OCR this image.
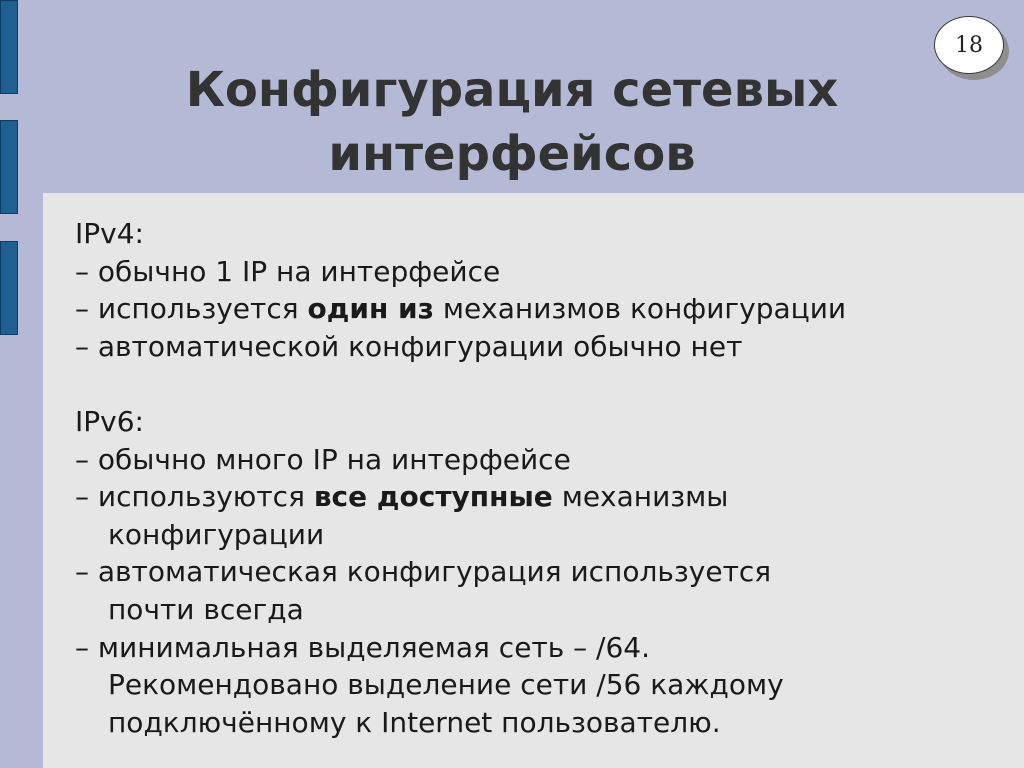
18
Конфигурация сетевых
интерфейсов
IPv4:
– обычно 1 IP на интерфейсе
– используется один из механизмов конфигурации
– автоматической конфигурации обычно нет
IPv6:
– обычно много IP на интерфейсе
– используются все доступные механизмы
конфигурации
– автоматическая конфигурация используется
почти всегда
– минимальная выделяемая сеть – /64.
Рекомендовано выделение сети /56 каждому
подключённому к Internet пользователю.
